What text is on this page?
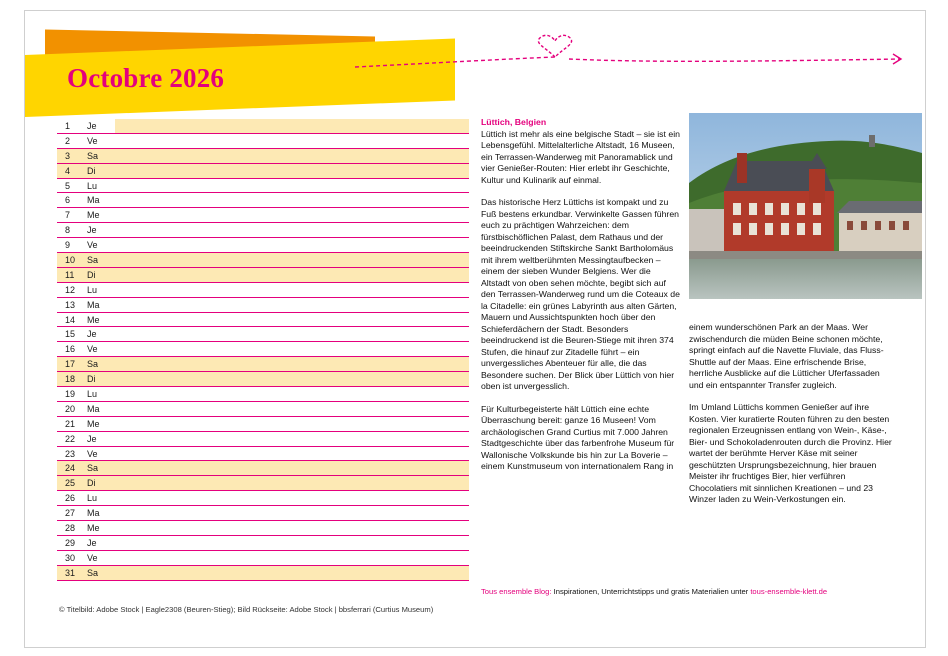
Octobre 2026
1	Je
2	Ve
3	Sa
4	Di
5	Lu
6	Ma
7	Me
8	Je
9	Ve
10	Sa
11	Di
12	Lu
13	Ma
14	Me
15	Je
16	Ve
17	Sa
18	Di
19	Lu
20	Ma
21	Me
22	Je
23	Ve
24	Sa
25	Di
26	Lu
27	Ma
28	Me
29	Je
30	Ve
31	Sa

Lüttich, Belgien
Lüttich ist mehr als eine belgische Stadt – sie ist ein Lebensgefühl. Mittelalterliche Altstadt, 16 Museen, ein Terrassen-Wanderweg mit Panoramablick und vier Genießer-Routen: Hier erlebt ihr Geschichte, Kultur und Kulinarik auf einmal.

Das historische Herz Lüttichs ist kompakt und zu Fuß bestens erkundbar. Verwinkelte Gassen führen euch zu prächtigen Wahrzeichen: dem fürstbischöflichen Palast, dem Rathaus und der beeindruckenden Stiftskirche Sankt Bartholomäus mit ihrem weltberühmten Messingtaufbecken – einem der sieben Wunder Belgiens. Wer die Altstadt von oben sehen möchte, begibt sich auf den Terrassen-Wanderweg rund um die Coteaux de la Citadelle: ein grünes Labyrinth aus alten Gärten, Mauern und Aussichtspunkten hoch über den Schieferdächern der Stadt. Besonders beeindruckend ist die Beuren-Stiege mit ihren 374 Stufen, die hinauf zur Zitadelle führt – ein unvergessliches Abenteuer für alle, die das Besondere suchen. Der Blick über Lüttich von hier oben ist unvergesslich.

Für Kulturbegeisterte hält Lüttich eine echte Überraschung bereit: ganze 16 Museen! Vom archäologischen Grand Curtius mit 7.000 Jahren Stadtgeschichte über das farbenfrohe Museum für Wallonische Volkskunde bis hin zur La Boverie – einem Kunstmuseum von internationalem Rang in

einem wunderschönen Park an der Maas. Wer zwischendurch die müden Beine schonen möchte, springt einfach auf die Navette Fluviale, das Fluss-Shuttle auf der Maas. Eine erfrischende Brise, herrliche Ausblicke auf die Lütticher Uferfassaden und ein entspannter Transfer zugleich.

Im Umland Lüttichs kommen Genießer auf ihre Kosten. Vier kuratierte Routen führen zu den besten regionalen Erzeugnissen entlang von Wein-, Käse-, Bier- und Schokoladenrouten durch die Provinz. Hier wartet der berühmte Herver Käse mit seiner geschützten Ursprungsbezeichnung, hier brauen Meister ihr fruchtiges Bier, hier verführen Chocolatiers mit sinnlichen Kreationen – und 23 Winzer laden zu Wein-Verkostungen ein.

Tous ensemble Blog: Inspirationen, Unterrichtstipps und gratis Materialien unter tous-ensemble-klett.de
© Titelbild: Adobe Stock | Eagle2308 (Beuren-Stieg); Bild Rückseite: Adobe Stock | bbsferrari (Curtius Museum)
